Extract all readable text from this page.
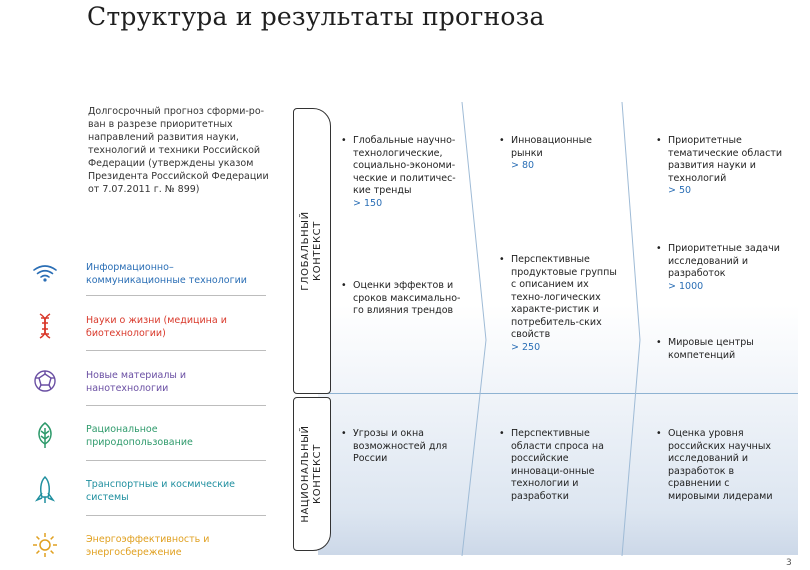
Структура и результаты прогноза
Долгосрочный прогноз сформи-рован в разрезе приоритетных направлений развития науки, технологий и техники Российской Федерации (утверждены указом Президента Российской Федерации от 7.07.2011 г. № 899)
Информационно–коммуникационные технологии
Науки о жизни (медицина и биотехнологии)
Новые материалы и нанотехнологии
Рациональное природопользование
Транспортные и космические системы
Энергоэффективность и энергосбережение
ГЛОБАЛЬНЫЙ
КОНТЕКСТ
НАЦИОНАЛЬНЫЙ
КОНТЕКСТ
• Глобальные научно-технологические, социально-экономи-ческие и политичес-кие тренды
> 150
• Оценки эффектов и сроков максимально-го влияния трендов
• Инновационные рынки
> 80
• Перспективные продуктовые группы с описанием их техно-логических характе-ристик и потребитель-ских свойств
> 250
• Приоритетные тематические области развития науки и технологий
> 50
• Приоритетные задачи исследований и разработок
> 1000
• Мировые центры компетенций
• Угрозы и окна возможностей для России
• Перспективные области спроса на российские инноваци-онные технологии и разработки
• Оценка уровня российских научных исследований и разработок в сравнении с мировыми лидерами
3
